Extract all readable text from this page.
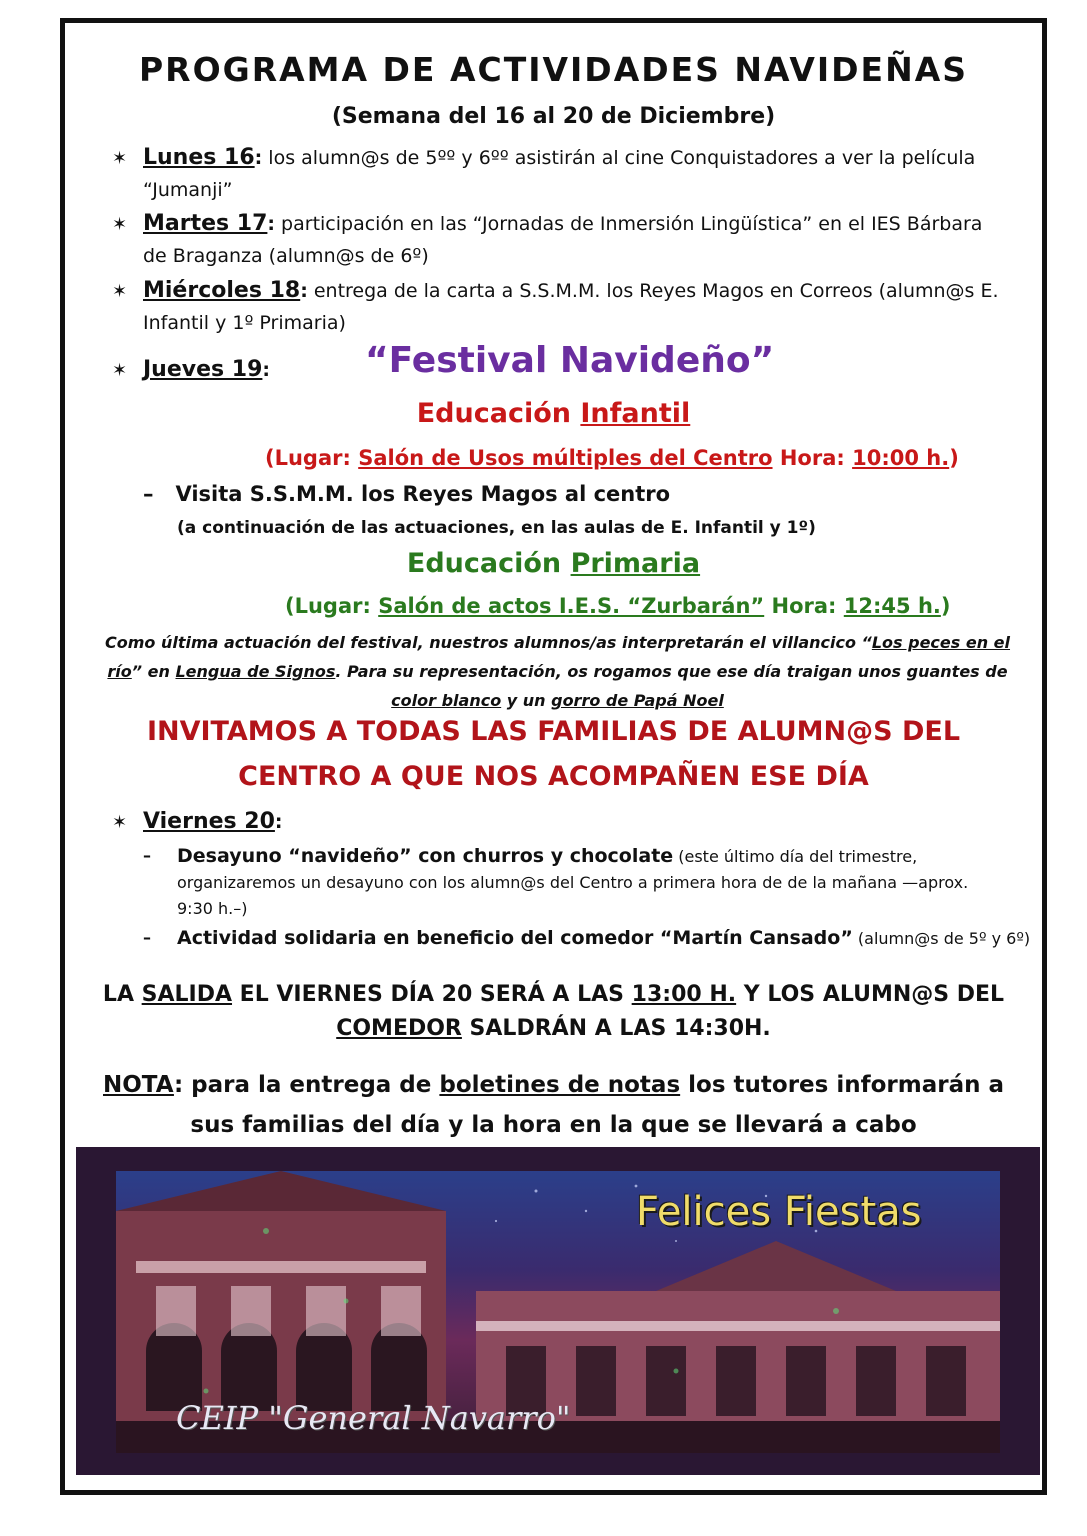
PROGRAMA DE ACTIVIDADES NAVIDEÑAS
(Semana del 16 al 20 de Diciembre)
✶ Lunes 16: los alumn@s de 5ºº y 6ºº asistirán al cine Conquistadores a ver la película
“Jumanji”
✶ Martes 17: participación en las “Jornadas de Inmersión Lingüística” en el IES Bárbara
de Braganza (alumn@s de 6º)
✶ Miércoles 18: entrega de la carta a S.S.M.M. los Reyes Magos en Correos (alumn@s E.
Infantil y 1º Primaria)
✶ Jueves 19:	“Festival Navideño”
Educación Infantil
(Lugar: Salón de Usos múltiples del Centro Hora: 10:00 h.)
– Visita S.S.M.M. los Reyes Magos al centro
(a continuación de las actuaciones, en las aulas de E. Infantil y 1º)
Educación Primaria
(Lugar: Salón de actos I.E.S. “Zurbarán” Hora: 12:45 h.)
Como última actuación del festival, nuestros alumnos/as interpretarán el villancico “Los peces en el
río” en Lengua de Signos. Para su representación, os rogamos que ese día traigan unos guantes de
color blanco y un gorro de Papá Noel
INVITAMOS A TODAS LAS FAMILIAS DE ALUMN@S DEL
CENTRO A QUE NOS ACOMPAÑEN ESE DÍA
✶ Viernes 20:
– Desayuno “navideño” con churros y chocolate (este último día del trimestre,
organizaremos un desayuno con los alumn@s del Centro a primera hora de de la mañana —aprox.
9:30 h.–)
– Actividad solidaria en beneficio del comedor “Martín Cansado” (alumn@s de 5º y 6º)
LA SALIDA EL VIERNES DÍA 20 SERÁ A LAS 13:00 H. Y LOS ALUMN@S DEL
COMEDOR SALDRÁN A LAS 14:30H.
NOTA: para la entrega de boletines de notas los tutores informarán a
sus familias del día y la hora en la que se llevará a cabo
Felices Fiestas
CEIP "General Navarro"
